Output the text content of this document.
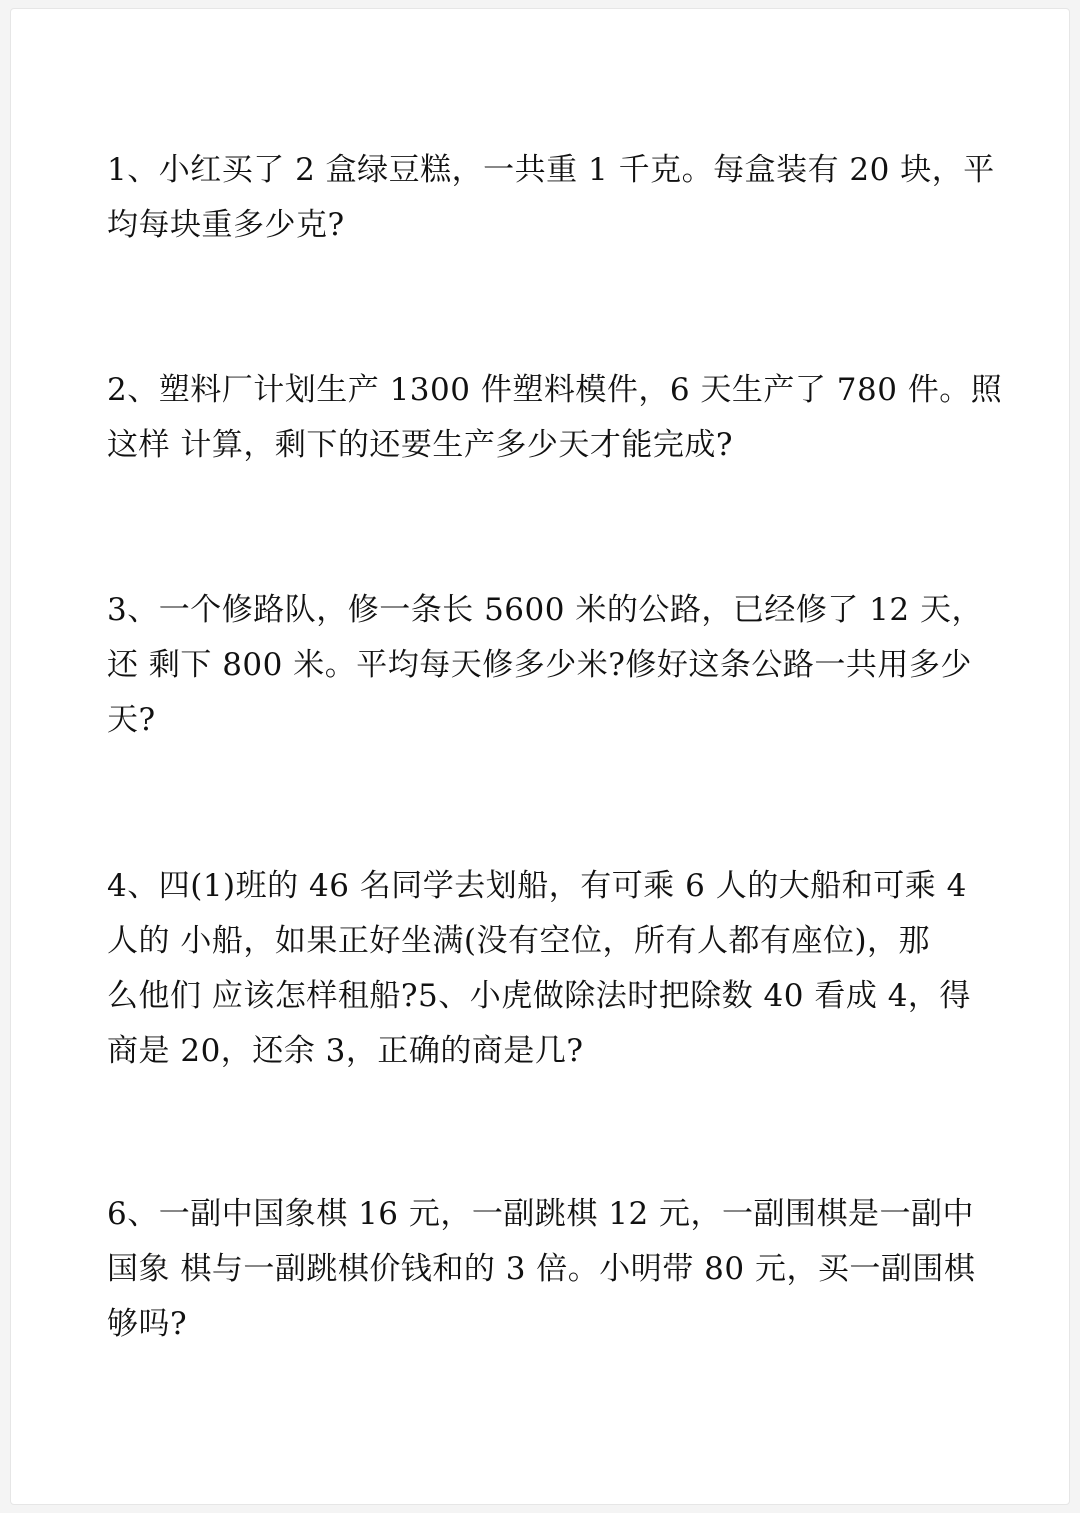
1、小红买了 2 盒绿豆糕，一共重 1 千克。每盒装有 20 块，平
均每块重多少克?
2、塑料厂计划生产 1300 件塑料模件，6 天生产了 780 件。照
这样 计算，剩下的还要生产多少天才能完成?
3、一个修路队，修一条长 5600 米的公路，已经修了 12 天，
还 剩下 800 米。平均每天修多少米?修好这条公路一共用多少
天?
4、四(1)班的 46 名同学去划船，有可乘 6 人的大船和可乘 4
人的 小船，如果正好坐满(没有空位，所有人都有座位)，那
么他们 应该怎样租船?5、小虎做除法时把除数 40 看成 4，得
商是 20，还余 3，正确的商是几?
6、一副中国象棋 16 元，一副跳棋 12 元，一副围棋是一副中
国象 棋与一副跳棋价钱和的 3 倍。小明带 80 元，买一副围棋
够吗?
